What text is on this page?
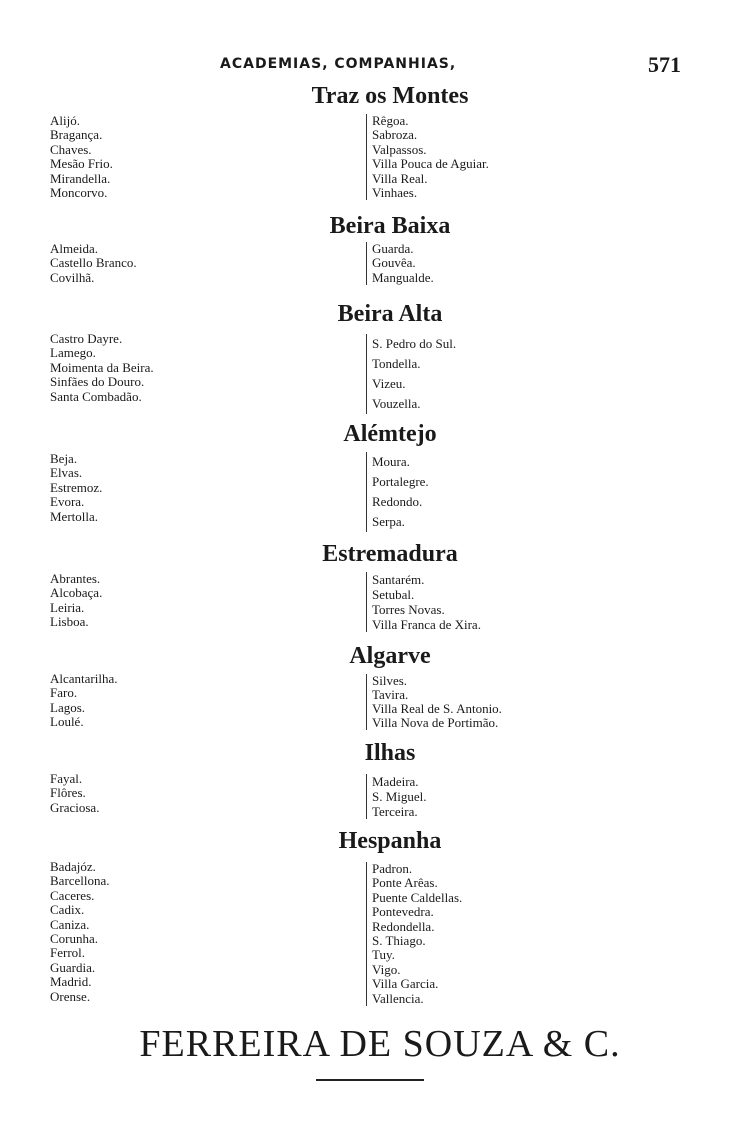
ACADEMIAS, COMPANHIAS,	571
Traz os Montes
Alijó.
Bragança.
Chaves.
Mesão Frio.
Mirandella.
Moncorvo.
Rêgoa.
Sabroza.
Valpassos.
Villa Pouca de Aguiar.
Villa Real.
Vinhaes.
Beira Baixa
Almeida.
Castello Branco.
Covilhã.
Guarda.
Gouvêa.
Mangualde.
Beira Alta
Castro Dayre.
Lamego.
Moimenta da Beira.
Sinfães do Douro.
Santa Combadão.
S. Pedro do Sul.
Tondella.
Vizeu.
Vouzella.
Alémtejo
Beja.
Elvas.
Estremoz.
Evora.
Mertolla.
Moura.
Portalegre.
Redondo.
Serpa.
Estremadura
Abrantes.
Alcobaça.
Leiria.
Lisboa.
Santarém.
Setubal.
Torres Novas.
Villa Franca de Xira.
Algarve
Alcantarilha.
Faro.
Lagos.
Loulé.
Silves.
Tavira.
Villa Real de S. Antonio.
Villa Nova de Portimão.
Ilhas
Fayal.
Flôres.
Graciosa.
Madeira.
S. Miguel.
Terceira.
Hespanha
Badajóz.
Barcellona.
Caceres.
Cadix.
Caniza.
Corunha.
Ferrol.
Guardia.
Madrid.
Orense.
Padron.
Ponte Arêas.
Puente Caldellas.
Pontevedra.
Redondella.
S. Thiago.
Tuy.
Vigo.
Villa Garcia.
Vallencia.
FERREIRA DE SOUZA & C.
